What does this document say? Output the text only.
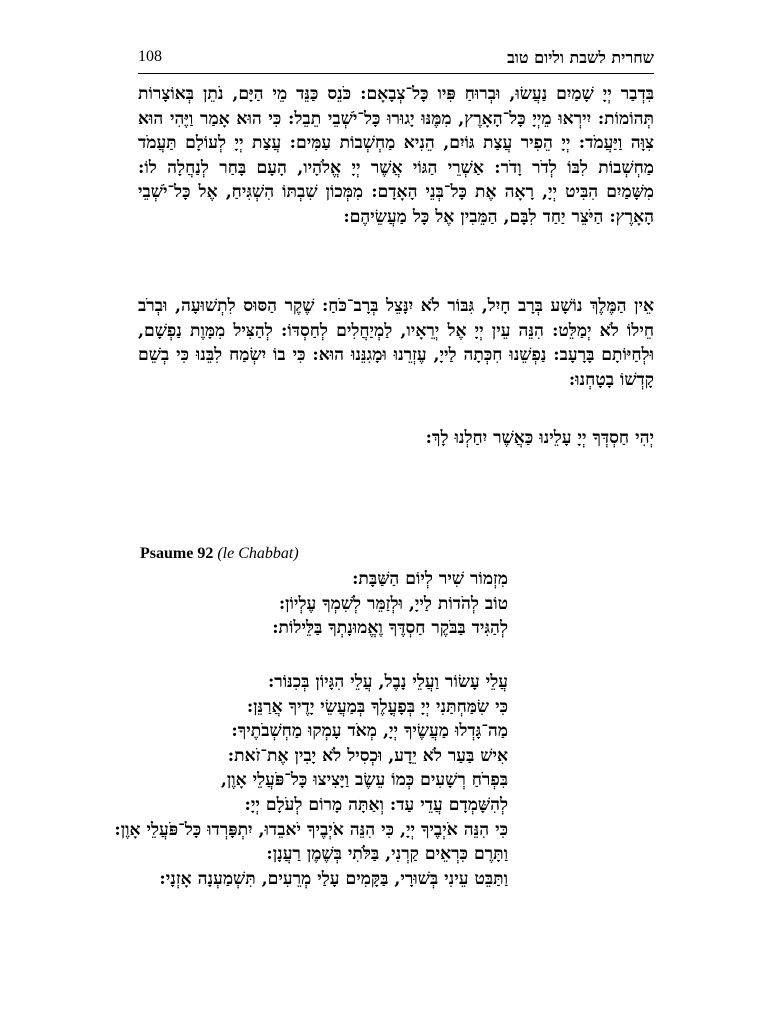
108	שחרית לשבת וליום טוב
בִּדְבַר יְיָ שָׁמַיִם נַעֲשׂוּ, וּבְרוּחַ פִּיו כָּל־צְבָאָם: כֹּנֵס כַּנֵּד מֵי הַיָּם, נֹתֵן בְּאוֹצָרוֹת תְּהוֹמוֹת: יִירְאוּ מֵיְיָ כָּל־הָאָרֶץ, מִמֶּנּוּ יָגוּרוּ כָּל־יֹשְׁבֵי תֵבֵל: כִּי הוּא אָמַר וַיֶּהִי הוּא צִוָּה וַיַּעֲמֹד: יְיָ הֵפִיר עֲצַת גּוֹיִם, הֵנִיא מַחְשְׁבוֹת עַמִּים: עֲצַת יְיָ לְעוֹלָם תַּעֲמֹד מַחְשְׁבוֹת לִבּוֹ לְדֹר וָדֹר: אַשְׁרֵי הַגּוֹי אֲשֶׁר יְיָ אֱלֹהָיו, הָעָם בָּחַר לְנַחֲלָה לוֹ: מִשָּׁמַיִם הִבִּיט יְיָ, רָאָה אֶת כָּל־בְּנֵי הָאָדָם: מִמְּכוֹן שִׁבְתּוֹ הִשְׁגִּיחַ, אֶל כָּל־יֹשְׁבֵי הָאָרֶץ: הַיֹּצֵר יַחַד לִבָּם, הַמֵּבִין אֶל כָּל מַעֲשֵׂיהֶם:
אֵין הַמֶּלֶךְ נוֹשָׁע בְּרָב חָיִל, גִּבּוֹר לֹא יִנָּצֵל בְּרָב־כֹּחַ: שֶׁקֶר הַסּוּס לִתְשׁוּעָה, וּבְרֹב חֵילוֹ לֹא יְמַלֵּט: הִנֵּה עֵין יְיָ אֶל יְרֵאָיו, לַמְיַחֲלִים לְחַסְדּוֹ: לְהַצִּיל מִמָּוֶת נַפְשָׁם, וּלְחַיּוֹתָם בָּרָעָב: נַפְשֵׁנוּ חִכְּתָה לַייָ, עֶזְרֵנוּ וּמָגִנֵּנוּ הוּא: כִּי בוֹ יִשְׂמַח לִבֵּנוּ כִּי בְשֵׁם קָדְשׁוֹ בָטָחְנוּ:
יְהִי חַסְדְּךָ יְיָ עָלֵינוּ כַּאֲשֶׁר יִחַלְנוּ לָךְ:
Psaume 92 (le Chabbat)
מִזְמוֹר שִׁיר לְיוֹם הַשַּׁבָּת:
טוֹב לְהֹדוֹת לַייָ, וּלְזַמֵּר לְשִׁמְךָ עֶלְיוֹן:
לְהַגִּיד בַּבֹּקֶר חַסְדֶּךָ וֶאֱמוּנָתְךָ בַּלֵּילוֹת:
עֲלֵי עָשׂוֹר וַעֲלֵי נָבֶל, עֲלֵי הִגָּיוֹן בְּכִנּוֹר:
כִּי שִׂמַּחְתַּנִי יְיָ בְּפָעֳלֶךָ בְּמַעֲשֵׂי יָדֶיךָ אֲרַנֵּן:
מַה־גָּדְלוּ מַעֲשֶׂיךָ יְיָ, מְאֹד עָמְקוּ מַחְשְׁבֹתֶיךָ:
אִישׁ בַּעַר לֹא יֵדָע, וּכְסִיל לֹא יָבִין אֶת־זֹאת:
בִּפְרֹחַ רְשָׁעִים כְּמוֹ עֵשֶׂב וַיָּצִיצוּ כָּל־פֹּעֲלֵי אָוֶן,
לְהִשָּׁמְדָם עֲדֵי עַד: וְאַתָּה מָרוֹם לְעֹלָם יְיָ:
כִּי הִנֵּה אֹיְבֶיךָ יְיָ, כִּי הִנֵּה אֹיְבֶיךָ יֹאבֵדוּ, יִתְפָּרְדוּ כָּל־פֹּעֲלֵי אָוֶן:
וַתָּרֶם כִּרְאֵים קַרְנִי, בַּלֹּתִי בְּשֶׁמֶן רַעֲנָן:
וַתַּבֵּט עֵינִי בְּשׁוּרָי, בַּקָּמִים עָלַי מְרֵעִים, תִּשְׁמַעְנָה אָזְנָי:
